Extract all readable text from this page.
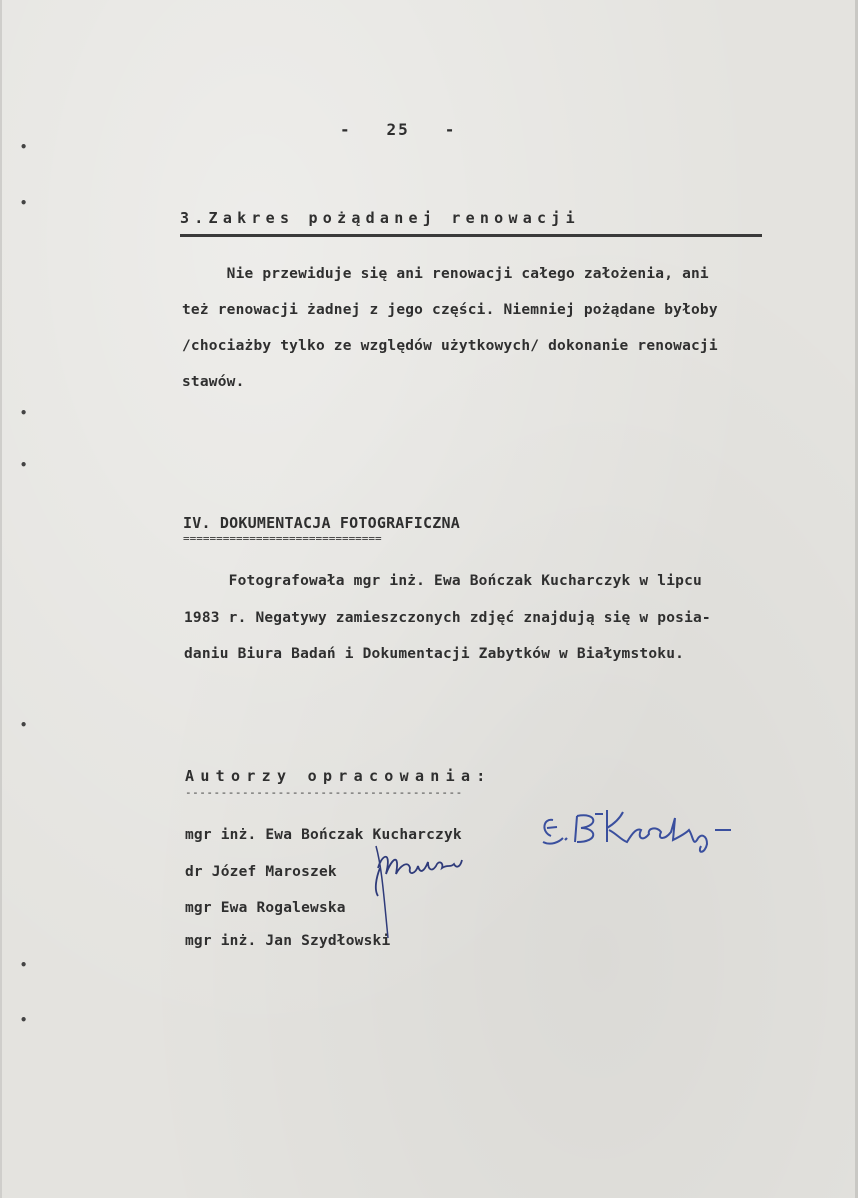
•
•
•
•
•
•
•
-   25   -
3.Zakres pożądanej renowacji
Nie przewiduje się ani renowacji całego założenia, ani
też renowacji żadnej z jego części. Niemniej pożądane byłoby
/chociażby tylko ze względów użytkowych/ dokonanie renowacji
stawów.
IV. DOKUMENTACJA FOTOGRAFICZNA
==============================
Fotografowała mgr inż. Ewa Bończak Kucharczyk w lipcu
1983 r. Negatywy zamieszczonych zdjęć znajdują się w posia-
daniu Biura Badań i Dokumentacji Zabytków w Białymstoku.
Autorzy opracowania:
---------------------------------------
mgr inż. Ewa Bończak Kucharczyk
dr Józef Maroszek
mgr Ewa Rogalewska
mgr inż. Jan Szydłowski
